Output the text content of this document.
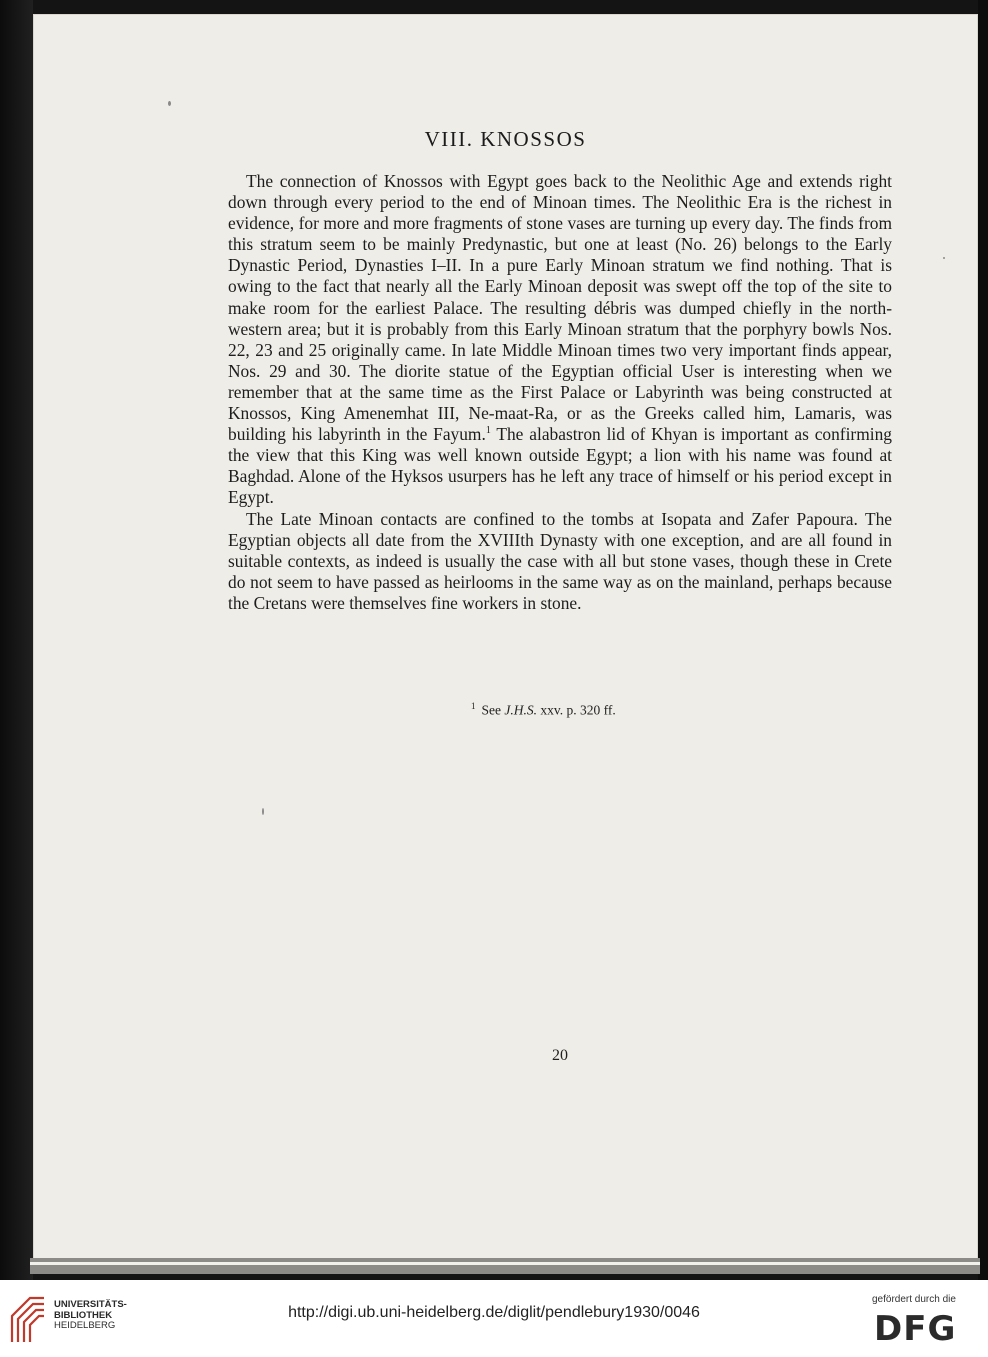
VIII. KNOSSOS

The connection of Knossos with Egypt goes back to the Neolithic Age and extends right down through every period to the end of Minoan times. The Neolithic Era is the richest in evidence, for more and more fragments of stone vases are turning up every day. The finds from this stratum seem to be mainly Predynastic, but one at least (No. 26) belongs to the Early Dynastic Period, Dynasties I–II. In a pure Early Minoan stratum we find nothing. That is owing to the fact that nearly all the Early Minoan deposit was swept off the top of the site to make room for the earliest Palace. The resulting débris was dumped chiefly in the north-western area; but it is probably from this Early Minoan stratum that the porphyry bowls Nos. 22, 23 and 25 originally came. In late Middle Minoan times two very important finds appear, Nos. 29 and 30. The diorite statue of the Egyptian official User is interesting when we remember that at the same time as the First Palace or Labyrinth was being constructed at Knossos, King Amenemhat III, Ne-maat-Ra, or as the Greeks called him, Lamaris, was building his labyrinth in the Fayum.$^1$ The alabastron lid of Khyan is important as confirming the view that this King was well known outside Egypt; a lion with his name was found at Baghdad. Alone of the Hyksos usurpers has he left any trace of himself or his period except in Egypt.

The Late Minoan contacts are confined to the tombs at Isopata and Zafer Papoura. The Egyptian objects all date from the XVIIIth Dynasty with one exception, and are all found in suitable contexts, as indeed is usually the case with all but stone vases, though these in Crete do not seem to have passed as heirlooms in the same way as on the mainland, perhaps because the Cretans were themselves fine workers in stone.

$^1$ See J.H.S. xxv. p. 320 ff.
20
UNIVERSITÄTS-
BIBLIOTHEK
HEIDELBERG
http://digi.ub.uni-heidelberg.de/diglit/pendlebury1930/0046
gefördert durch die
DFG
